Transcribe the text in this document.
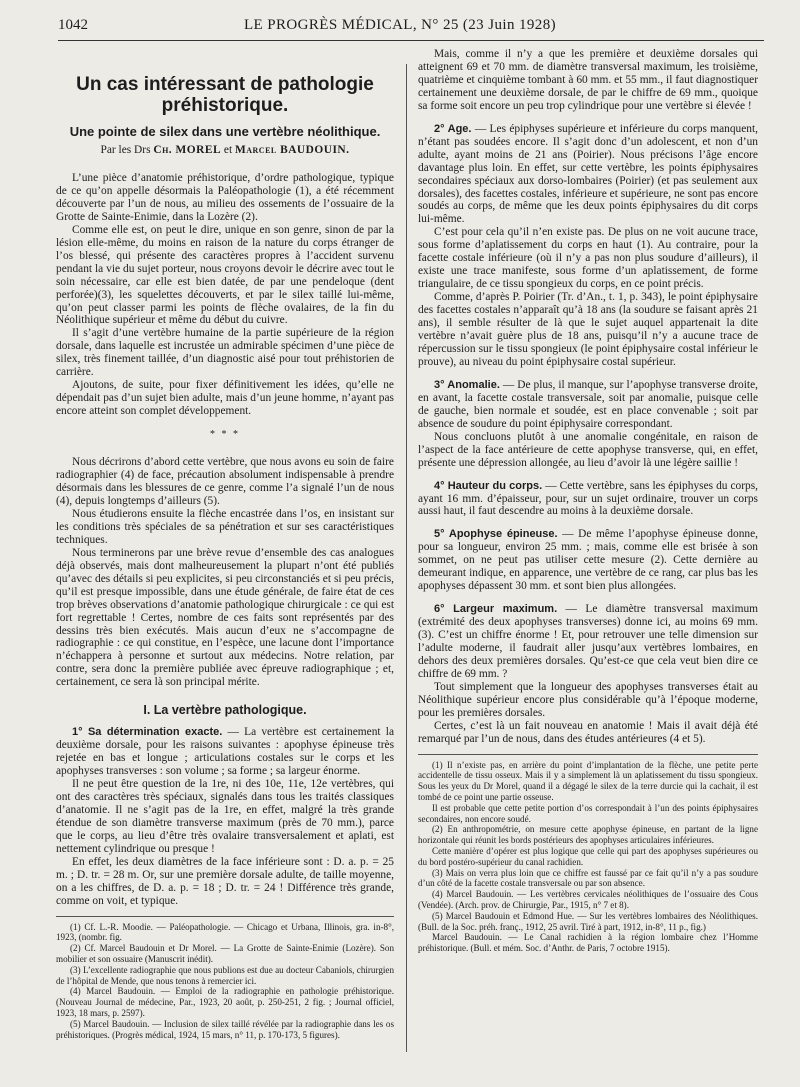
1042	LE PROGRÈS MÉDICAL, N° 25 (23 Juin 1928)
Un cas intéressant de pathologie préhistorique.
Une pointe de silex dans une vertèbre néolithique.
Par les Drs Ch. MOREL et Marcel BAUDOUIN.

L’une pièce d’anatomie préhistorique, d’ordre pathologique, typique de ce qu’on appelle désormais la Paléopathologie (1), a été récemment découverte par l’un de nous, au milieu des ossements de l’ossuaire de la Grotte de Sainte-Enimie, dans la Lozère (2).

Comme elle est, on peut le dire, unique en son genre, sinon de par la lésion elle-même, du moins en raison de la nature du corps étranger de l’os blessé, qui présente des caractères propres à l’accident survenu pendant la vie du sujet porteur, nous croyons devoir le décrire avec tout le soin nécessaire, car elle est bien datée, de par une pendeloque (dent perforée)(3), les squelettes découverts, et par le silex taillé lui-même, qu’on peut classer parmi les points de flèche ovalaires, de la fin du Néolithique supérieur et même du début du cuivre.

Il s’agit d’une vertèbre humaine de la partie supérieure de la région dorsale, dans laquelle est incrustée un admirable spécimen d’une pièce de silex, très finement taillée, d’un diagnostic aisé pour tout préhistorien de carrière.

Ajoutons, de suite, pour fixer définitivement les idées, qu’elle ne dépendait pas d’un sujet bien adulte, mais d’un jeune homme, n’ayant pas encore atteint son complet développement.

* * *

Nous décrirons d’abord cette vertèbre, que nous avons eu soin de faire radiographier (4) de face, précaution absolument indispensable à prendre désormais dans les blessures de ce genre, comme l’a signalé l’un de nous (4), depuis longtemps d’ailleurs (5).

Nous étudierons ensuite la flèche encastrée dans l’os, en insistant sur les conditions très spéciales de sa pénétration et sur ses caractéristiques techniques.

Nous terminerons par une brève revue d’ensemble des cas analogues déjà observés, mais dont malheureusement la plupart n’ont été publiés qu’avec des détails si peu explicites, si peu circonstanciés et si peu précis, qu’il est presque impossible, dans une étude générale, de faire état de ces trop brèves observations d’anatomie pathologique chirurgicale : ce qui est fort regrettable ! Certes, nombre de ces faits sont représentés par des dessins très bien exécutés. Mais aucun d’eux ne s’accompagne de radiographie : ce qui constitue, en l’espèce, une lacune dont l’importance n’échappera à personne et surtout aux médecins. Notre relation, par contre, sera donc la première publiée avec épreuve radiographique ; et, certainement, ce sera là son principal mérite.

I. La vertèbre pathologique.

1° Sa détermination exacte. — La vertèbre est certainement la deuxième dorsale, pour les raisons suivantes : apophyse épineuse très rejetée en bas et longue ; articulations costales sur le corps et les apophyses transverses : son volume ; sa forme ; sa largeur énorme.

Il ne peut être question de la 1re, ni des 10e, 11e, 12e vertèbres, qui ont des caractères très spéciaux, signalés dans tous les traités classiques d’anatomie. Il ne s’agit pas de la 1re, en effet, malgré la très grande étendue de son diamètre transverse maximum (près de 70 mm.), parce que le corps, au lieu d’être très ovalaire transversalement et aplati, est nettement cylindrique ou presque !

En effet, les deux diamètres de la face inférieure sont : D. a. p. = 25 m. ; D. tr. = 28 m. Or, sur une première dorsale adulte, de taille moyenne, on a les chiffres, de D. a. p. = 18 ; D. tr. = 24 ! Différence très grande, comme on voit, et typique.

(1) Cf. L.-R. Moodie. — Paléopathologie. — Chicago et Urbana, Illinois, gra. in-8°, 1923, (nombr. fig.

(2) Cf. Marcel Baudouin et Dr Morel. — La Grotte de Sainte-Enimie (Lozère). Son mobilier et son ossuaire (Manuscrit inédit).

(3) L’excellente radiographie que nous publions est due au docteur Cabaniols, chirurgien de l’hôpital de Mende, que nous tenons à remercier ici.

(4) Marcel Baudouin. — Emploi de la radiographie en pathologie préhistorique. (Nouveau Journal de médecine, Par., 1923, 20 août, p. 250-251, 2 fig. ; Journal officiel, 1923, 18 mars, p. 2597).

(5) Marcel Baudouin. — Inclusion de silex taillé révélée par la radiographie dans les os préhistoriques. (Progrès médical, 1924, 15 mars, n° 11, p. 170-173, 5 figures).

Mais, comme il n’y a que les première et deuxième dorsales qui atteignent 69 et 70 mm. de diamètre transversal maximum, les troisième, quatrième et cinquième tombant à 60 mm. et 55 mm., il faut diagnostiquer certainement une deuxième dorsale, de par le chiffre de 69 mm., quoique sa forme soit encore un peu trop cylindrique pour une vertèbre si élevée !

2° Age. — Les épiphyses supérieure et inférieure du corps manquent, n’étant pas soudées encore. Il s’agit donc d’un adolescent, et non d’un adulte, ayant moins de 21 ans (Poirier). Nous précisons l’âge encore davantage plus loin. En effet, sur cette vertèbre, les points épiphysaires secondaires spéciaux aux dorso-lombaires (Poirier) (et pas seulement aux dorsales), des facettes costales, inférieure et supérieure, ne sont pas encore soudés au corps, de même que les deux points épiphysaires du dit corps lui-même.

C’est pour cela qu’il n’en existe pas. De plus on ne voit aucune trace, sous forme d’aplatissement du corps en haut (1). Au contraire, pour la facette costale inférieure (où il n’y a pas non plus soudure d’ailleurs), il existe une trace manifeste, sous forme d’un aplatissement, de forme triangulaire, de ce tissu spongieux du corps, en ce point précis.

Comme, d’après P. Poirier (Tr. d’An., t. 1, p. 343), le point épiphysaire des facettes costales n’apparaît qu’à 18 ans (la soudure se faisant après 21 ans), il semble résulter de là que le sujet auquel appartenait la dite vertèbre n’avait guère plus de 18 ans, puisqu’il n’y a aucune trace de répercussion sur le tissu spongieux (le point épiphysaire costal inférieur le prouve), au niveau du point épiphysaire costal supérieur.

3° Anomalie. — De plus, il manque, sur l’apophyse transverse droite, en avant, la facette costale transversale, soit par anomalie, puisque celle de gauche, bien normale et soudée, est en place convenable ; soit par absence de soudure du point épiphysaire correspondant.

Nous concluons plutôt à une anomalie congénitale, en raison de l’aspect de la face antérieure de cette apophyse transverse, qui, en effet, présente une dépression allongée, au lieu d’avoir là une légère saillie !

4° Hauteur du corps. — Cette vertèbre, sans les épiphyses du corps, ayant 16 mm. d’épaisseur, pour, sur un sujet ordinaire, trouver un corps aussi haut, il faut descendre au moins à la deuxième dorsale.

5° Apophyse épineuse. — De même l’apophyse épineuse donne, pour sa longueur, environ 25 mm. ; mais, comme elle est brisée à son sommet, on ne peut pas utiliser cette mesure (2). Cette dernière au demeurant indique, en apparence, une vertèbre de ce rang, car plus bas les apophyses dépassent 30 mm. et sont bien plus allongées.

6° Largeur maximum. — Le diamètre transversal maximum (extrémité des deux apophyses transverses) donne ici, au moins 69 mm. (3). C’est un chiffre énorme ! Et, pour retrouver une telle dimension sur l’adulte moderne, il faudrait aller jusqu’aux vertèbres lombaires, en dehors des deux premières dorsales. Qu’est-ce que cela veut bien dire ce chiffre de 69 mm. ?

Tout simplement que la longueur des apophyses transverses était au Néolithique supérieur encore plus considérable qu’à l’époque moderne, pour les premières dorsales.

Certes, c’est là un fait nouveau en anatomie ! Mais il avait déjà été remarqué par l’un de nous, dans des études antérieures (4 et 5).

(1) Il n’existe pas, en arrière du point d’implantation de la flèche, une petite perte accidentelle de tissu osseux. Mais il y a simplement là un aplatissement du tissu spongieux. Sous les yeux du Dr Morel, quand il a dégagé le silex de la terre durcie qui la cachait, il est tombé de ce point une partie osseuse.

Il est probable que cette petite portion d’os correspondait à l’un des points épiphysaires secondaires, non encore soudé.

(2) En anthropométrie, on mesure cette apophyse épineuse, en partant de la ligne horizontale qui réunit les bords postérieurs des apophyses articulaires inférieures.

Cette manière d’opérer est plus logique que celle qui part des apophyses supérieures ou du bord postéro-supérieur du canal rachidien.

(3) Mais on verra plus loin que ce chiffre est faussé par ce fait qu’il n’y a pas soudure d’un côté de la facette costale transversale ou par son absence.

(4) Marcel Baudouin. — Les vertèbres cervicales néolithiques de l’ossuaire des Cous (Vendée). (Arch. prov. de Chirurgie, Par., 1915, n° 7 et 8).

(5) Marcel Baudouin et Edmond Hue. — Sur les vertèbres lombaires des Néolithiques. (Bull. de la Soc. préh. franç., 1912, 25 avril. Tiré à part, 1912, in-8°, 11 p., fig.)

Marcel Baudouin. — Le Canal rachidien à la région lombaire chez l’Homme préhistorique. (Bull. et mém. Soc. d’Anthr. de Paris, 7 octobre 1915).
